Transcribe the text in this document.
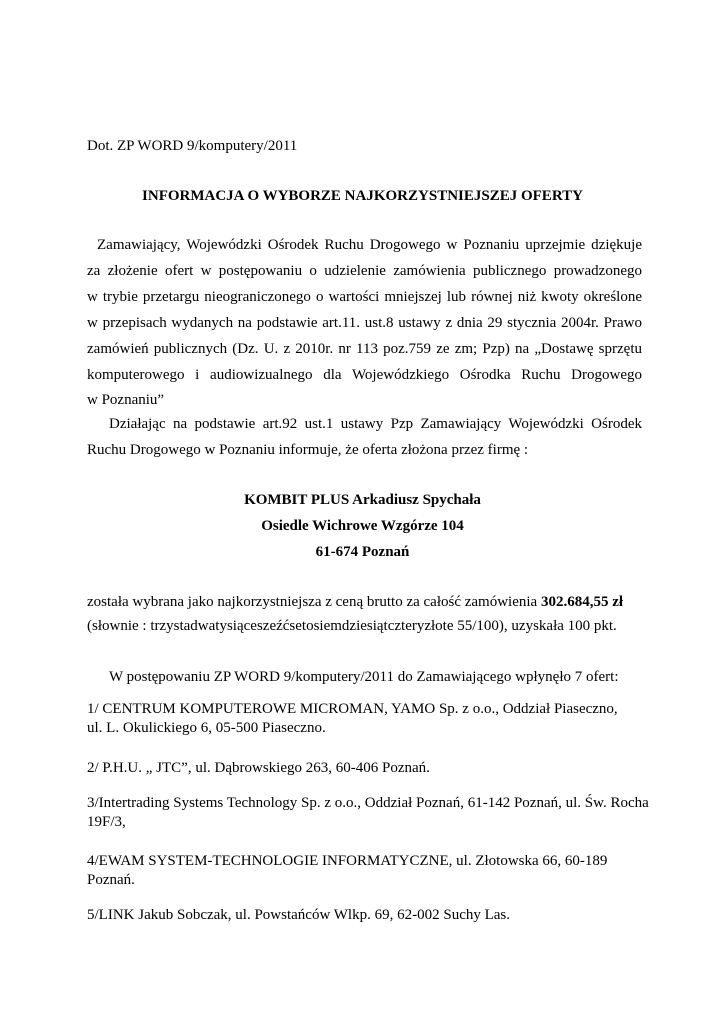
Dot. ZP WORD 9/komputery/2011
INFORMACJA O WYBORZE NAJKORZYSTNIEJSZEJ OFERTY
Zamawiający, Wojewódzki Ośrodek Ruchu Drogowego w Poznaniu uprzejmie dziękuje
za złożenie ofert w postępowaniu o udzielenie zamówienia publicznego prowadzonego
w trybie przetargu nieograniczonego o wartości mniejszej lub równej niż kwoty określone
w przepisach wydanych na podstawie art.11. ust.8 ustawy z dnia 29 stycznia 2004r. Prawo
zamówień publicznych (Dz. U. z 2010r. nr 113 poz.759 ze zm; Pzp) na „Dostawę sprzętu
komputerowego i audiowizualnego dla Wojewódzkiego Ośrodka Ruchu Drogowego
w Poznaniu”
Działając na podstawie art.92 ust.1 ustawy Pzp Zamawiający Wojewódzki Ośrodek
Ruchu Drogowego w Poznaniu informuje, że oferta złożona przez firmę :
KOMBIT PLUS Arkadiusz Spychała
Osiedle Wichrowe Wzgórze 104
61-674 Poznań
została wybrana jako najkorzystniejsza z ceną brutto za całość zamówienia 302.684,55 zł
(słownie : trzystadwatysiąceszeźćsetosiemdziesiątczteryzłote 55/100), uzyskała 100 pkt.
W postępowaniu ZP WORD 9/komputery/2011 do Zamawiającego wpłynęło 7 ofert:
1/ CENTRUM KOMPUTEROWE MICROMAN, YAMO Sp. z o.o., Oddział Piaseczno,
ul. L. Okulickiego 6, 05-500 Piaseczno.
2/ P.H.U. „ JTC”, ul. Dąbrowskiego 263, 60-406 Poznań.
3/Intertrading Systems Technology Sp. z o.o., Oddział Poznań, 61-142 Poznań, ul. Św. Rocha
19F/3,
4/EWAM SYSTEM-TECHNOLOGIE INFORMATYCZNE, ul. Złotowska 66, 60-189
Poznań.
5/LINK Jakub Sobczak, ul. Powstańców Wlkp. 69, 62-002 Suchy Las.
